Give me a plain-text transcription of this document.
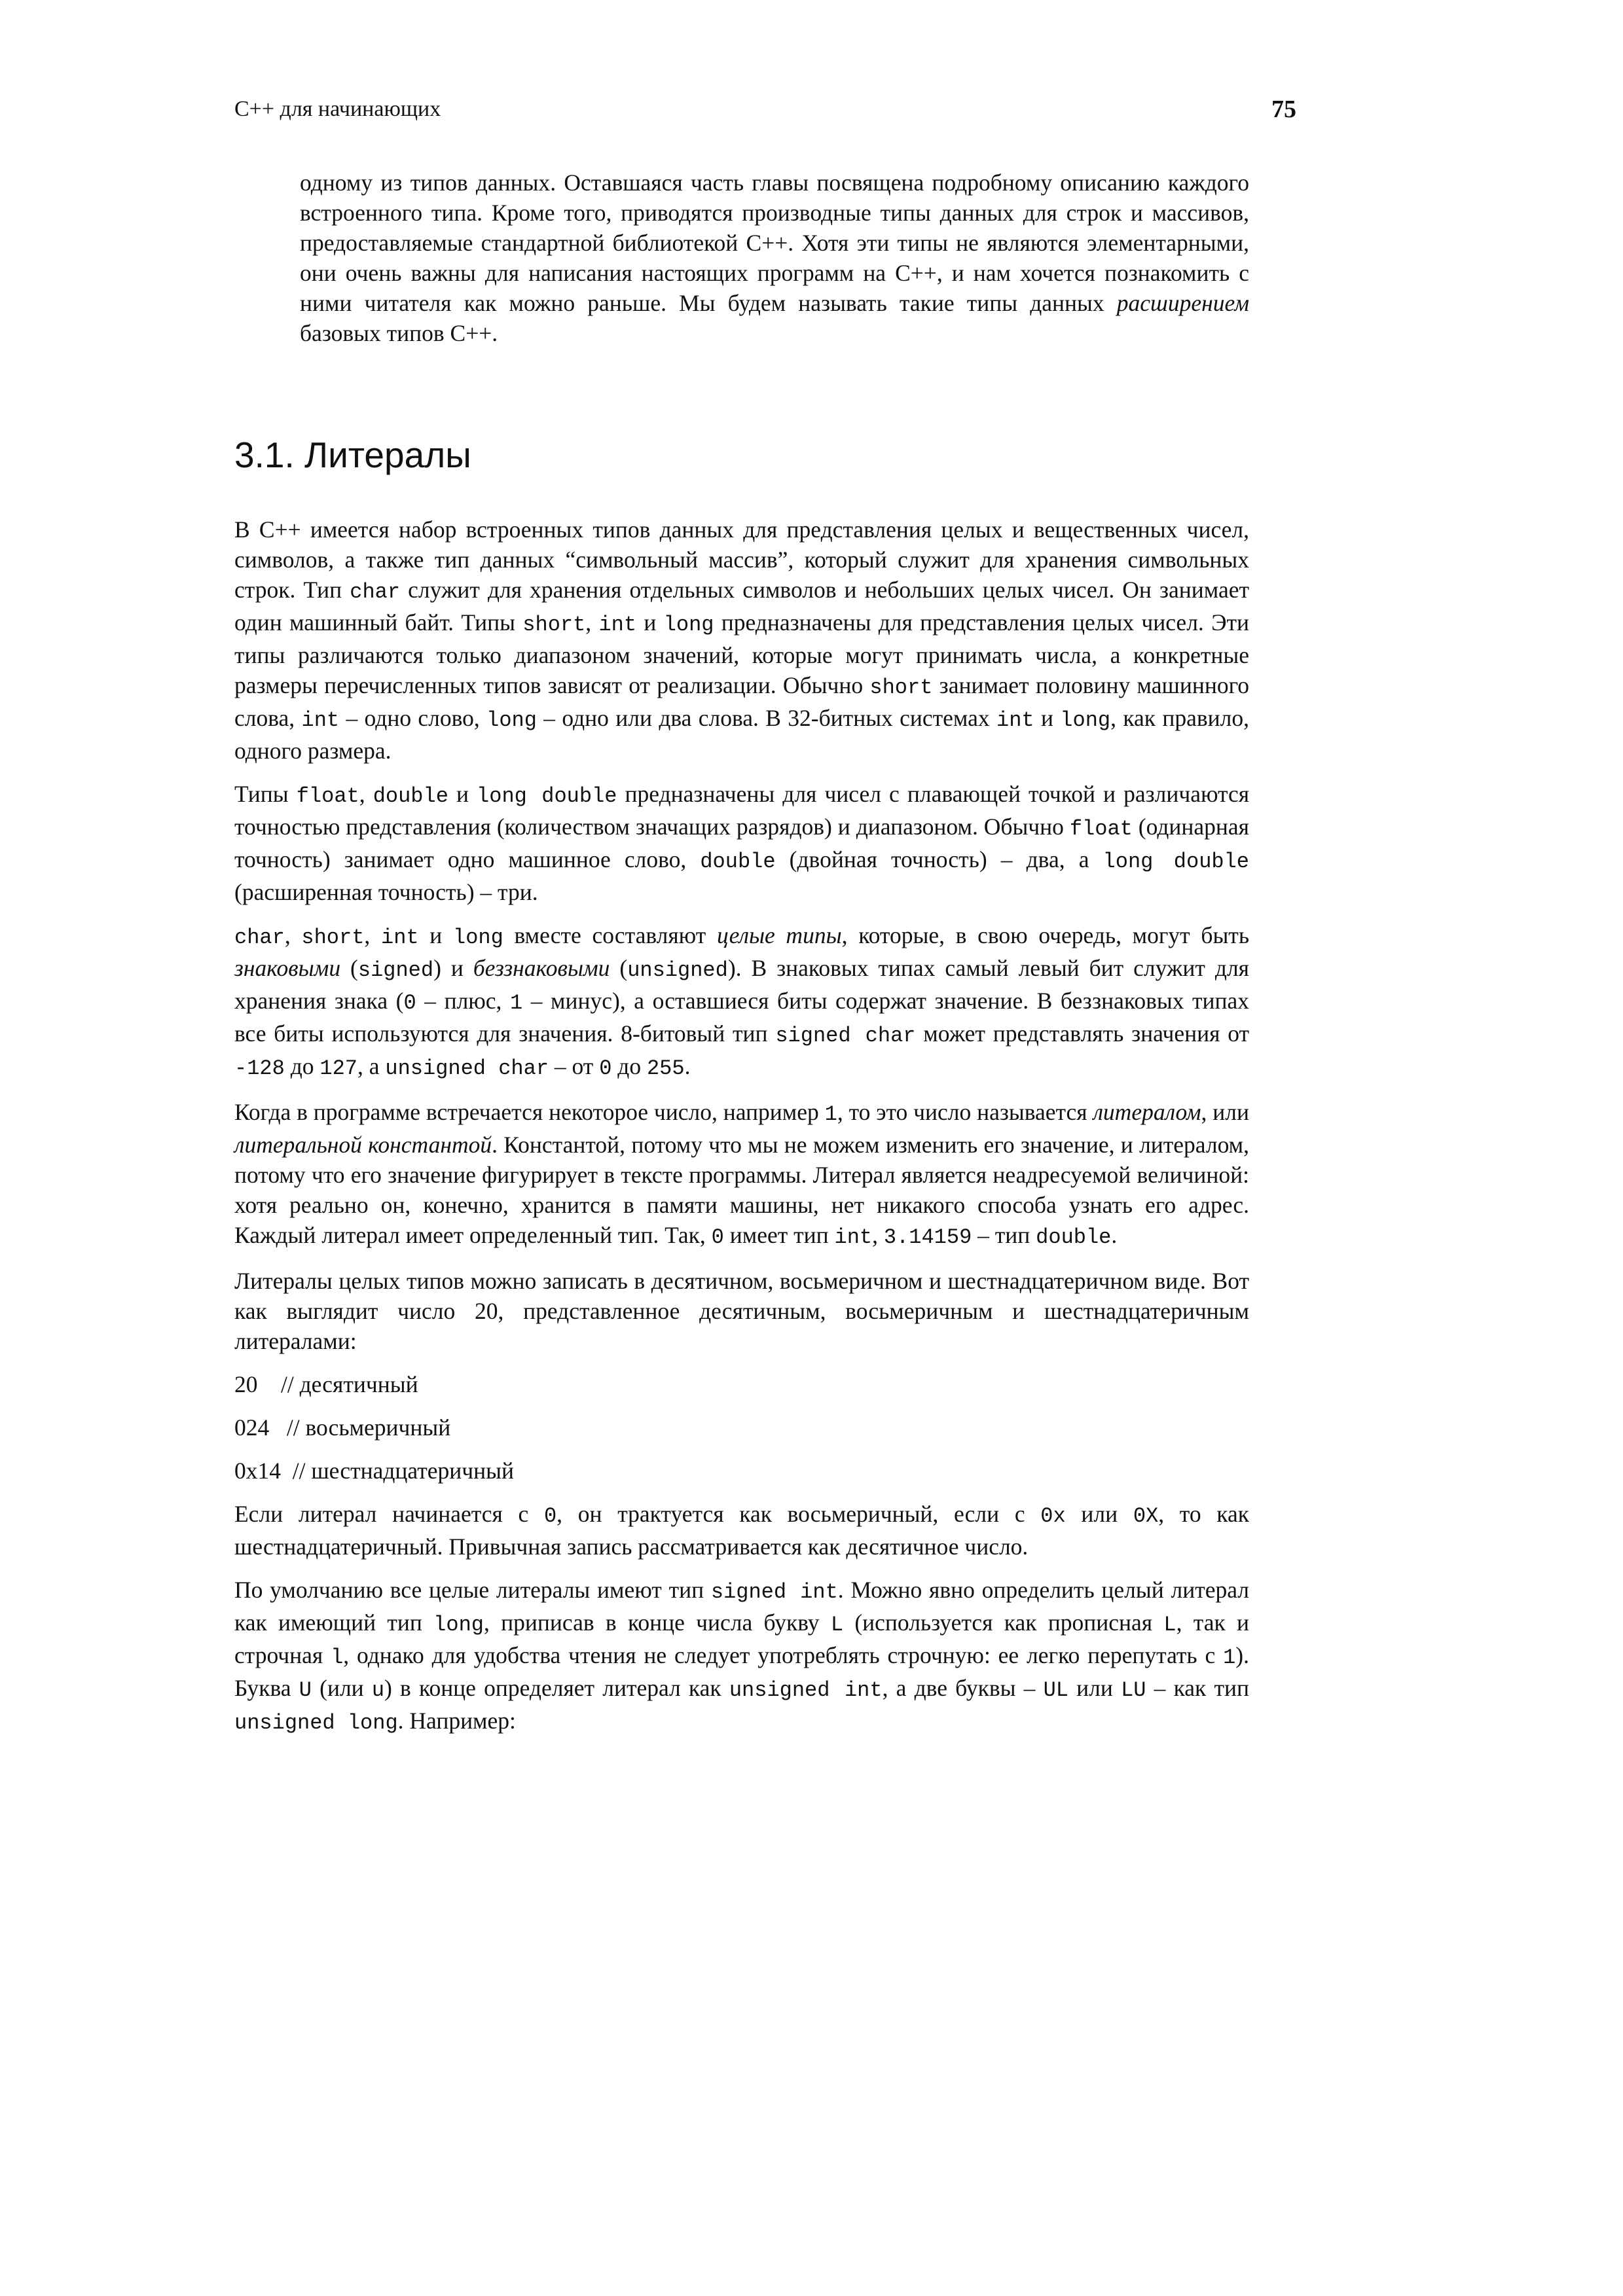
C++ для начинающих	75

одному из типов данных. Оставшаяся часть главы посвящена подробному описанию каждого встроенного типа. Кроме того, приводятся производные типы данных для строк и массивов, предоставляемые стандартной библиотекой C++. Хотя эти типы не являются элементарными, они очень важны для написания настоящих программ на C++, и нам хочется познакомить с ними читателя как можно раньше. Мы будем называть такие типы данных расширением базовых типов C++.

3.1. Литералы

В C++ имеется набор встроенных типов данных для представления целых и вещественных чисел, символов, а также тип данных “символьный массив”, который служит для хранения символьных строк. Тип char служит для хранения отдельных символов и небольших целых чисел. Он занимает один машинный байт. Типы short, int и long предназначены для представления целых чисел. Эти типы различаются только диапазоном значений, которые могут принимать числа, а конкретные размеры перечисленных типов зависят от реализации. Обычно short занимает половину машинного слова, int – одно слово, long – одно или два слова. В 32-битных системах int и long, как правило, одного размера.

Типы float, double и long double предназначены для чисел с плавающей точкой и различаются точностью представления (количеством значащих разрядов) и диапазоном. Обычно float (одинарная точность) занимает одно машинное слово, double (двойная точность) – два, а long double (расширенная точность) – три.

char, short, int и long вместе составляют целые типы, которые, в свою очередь, могут быть знаковыми (signed) и беззнаковыми (unsigned). В знаковых типах самый левый бит служит для хранения знака (0 – плюс, 1 – минус), а оставшиеся биты содержат значение. В беззнаковых типах все биты используются для значения. 8-битовый тип signed char может представлять значения от -128 до 127, а unsigned char – от 0 до 255.

Когда в программе встречается некоторое число, например 1, то это число называется литералом, или литеральной константой. Константой, потому что мы не можем изменить его значение, и литералом, потому что его значение фигурирует в тексте программы. Литерал является неадресуемой величиной: хотя реально он, конечно, хранится в памяти машины, нет никакого способа узнать его адрес. Каждый литерал имеет определенный тип. Так, 0 имеет тип int, 3.14159 – тип double.

Литералы целых типов можно записать в десятичном, восьмеричном и шестнадцатеричном виде. Вот как выглядит число 20, представленное десятичным, восьмеричным и шестнадцатеричным литералами:

20 // десятичный

024 // восьмеричный

0x14 // шестнадцатеричный

Если литерал начинается с 0, он трактуется как восьмеричный, если с 0x или 0X, то как шестнадцатеричный. Привычная запись рассматривается как десятичное число.

По умолчанию все целые литералы имеют тип signed int. Можно явно определить целый литерал как имеющий тип long, приписав в конце числа букву L (используется как прописная L, так и строчная l, однако для удобства чтения не следует употреблять строчную: ее легко перепутать с 1). Буква U (или u) в конце определяет литерал как unsigned int, а две буквы – UL или LU – как тип unsigned long. Например:
